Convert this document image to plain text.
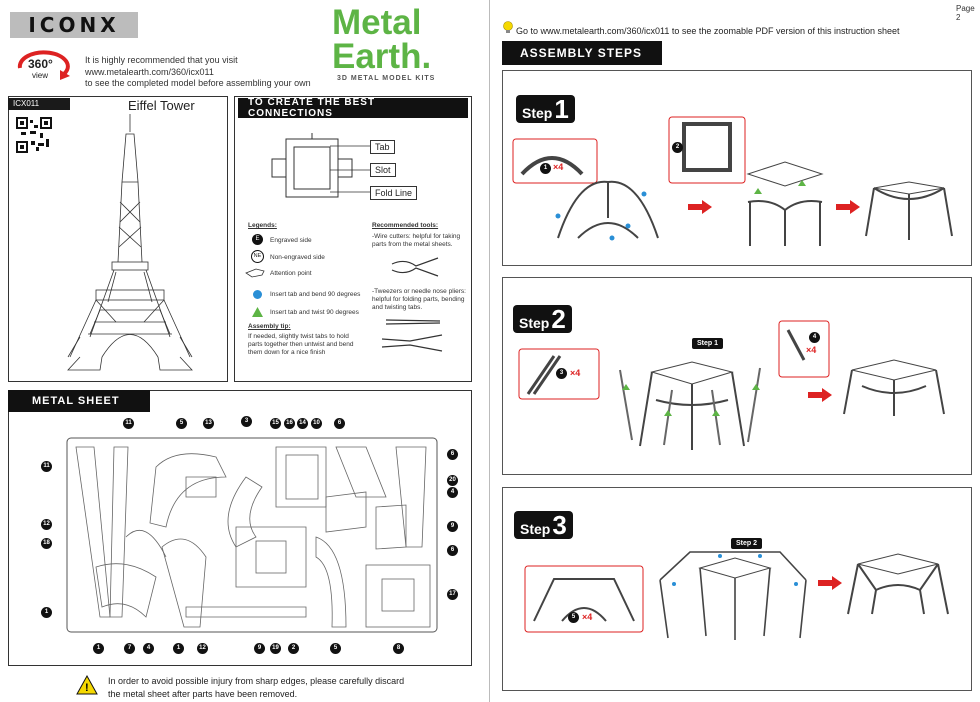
ICONX
360°
view
It is highly recommended that you visit
www.metalearth.com/360/icx011
to see the completed model before assembling your own
Metal
Earth.
3D METAL MODEL KITS
ICX011	Eiffel Tower	TO CREATE THE BEST CONNECTIONS
Tab
Slot
Fold Line
Legends:
E	Engraved side
NE	Non-engraved side
Attention point
Insert tab and bend 90 degrees
Insert tab and twist 90 degrees
Assembly tip:
If needed, slightly twist tabs to hold parts together then untwist and bend them down for a nice finish
Recommended tools:
-Wire cutters: helpful for taking parts from the metal sheets.
-Tweezers or needle nose pliers: helpful for folding parts, bending and twisting tabs.
METAL SHEET
11
5	13	3	15	16	14	10	6
11
6
20
4
12	9
18
6
1
17
1
7	4
1	12	9	19	2	5	8
!
In order to avoid possible injury from sharp edges, please carefully discard
the metal sheet after parts have been removed.
Page 2
Go to www.metalearth.com/360/icx011 to see the zoomable PDF version of this instruction sheet
ASSEMBLY STEPS
Step 1
1 ×4
2
Step 2
3 ×4
4
×4
Step 1
Step 3
5 ×4
Step 2
